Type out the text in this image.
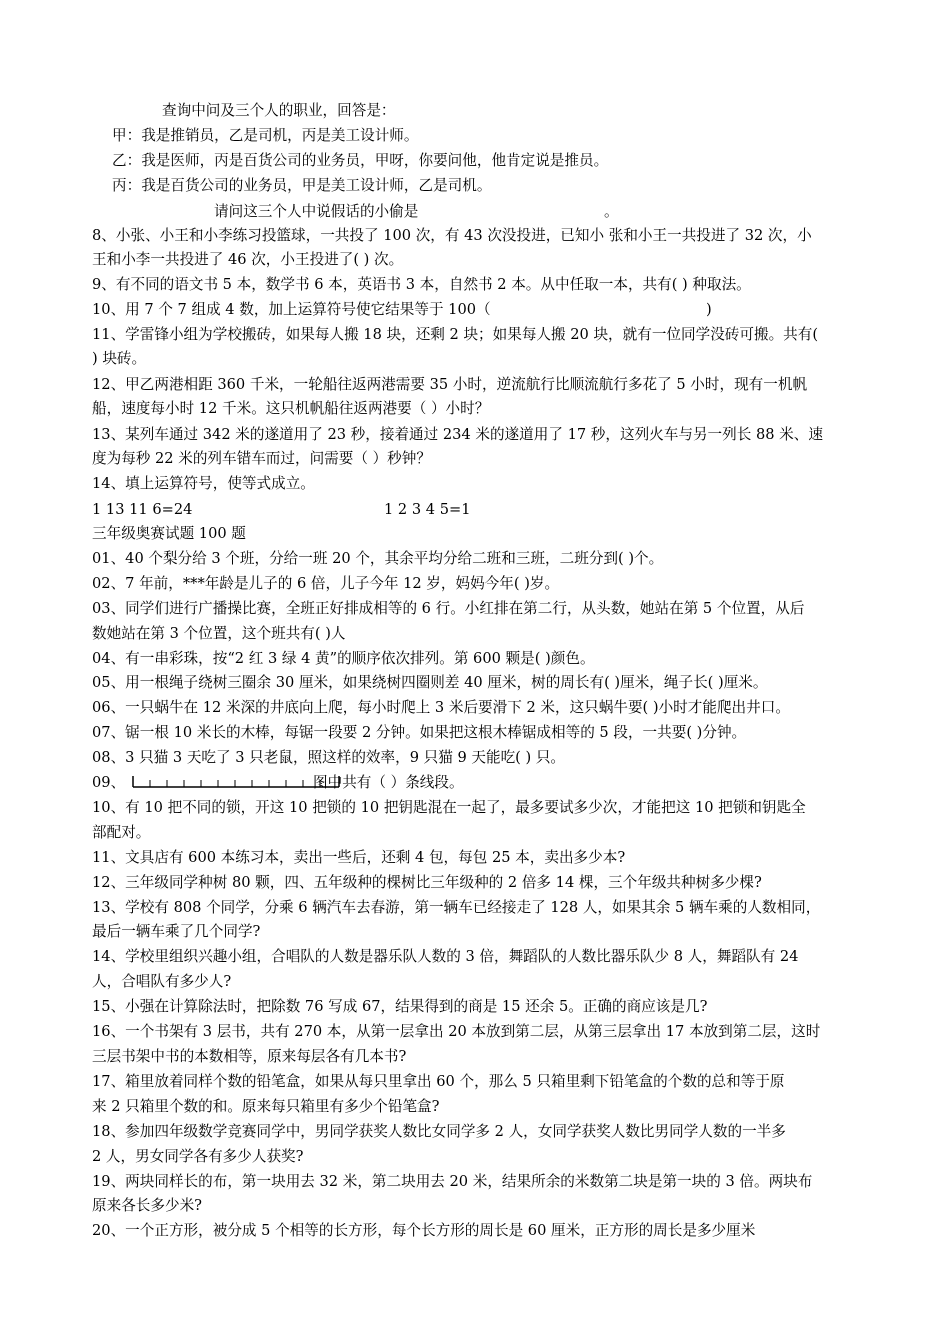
查询中问及三个人的职业，回答是：
甲：我是推销员，乙是司机，丙是美工设计师。
乙：我是医师，丙是百货公司的业务员，甲呀，你要问他，他肯定说是推员。
丙：我是百货公司的业务员，甲是美工设计师，乙是司机。
请问这三个人中说假话的小偷是	。
8、小张、小王和小李练习投篮球，一共投了 100 次，有 43 次没投进，已知小 张和小王一共投进了 32 次，小
王和小李一共投进了 46 次，小王投进了( ) 次。
9、有不同的语文书 5 本，数学书 6 本，英语书 3 本，自然书 2 本。从中任取一本，共有( ) 种取法。
10、用 7 个 7 组成 4 数，加上运算符号使它结果等于 100（	)
11、学雷锋小组为学校搬砖，如果每人搬 18 块，还剩 2 块；如果每人搬 20 块，就有一位同学没砖可搬。共有(
) 块砖。
12、甲乙两港相距 360 千米，一轮船往返两港需要 35 小时，逆流航行比顺流航行多花了 5 小时，现有一机帆
船，速度每小时 12 千米。这只机帆船往返两港要（ ）小时？
13、某列车通过 342 米的遂道用了 23 秒，接着通过 234 米的遂道用了 17 秒，这列火车与另一列长 88 米、速
度为每秒 22 米的列车错车而过，问需要（ ）秒钟？
14、填上运算符号，使等式成立。
1 13 11 6=24	1 2 3 4 5=1
三年级奥赛试题 100 题
01、40 个梨分给 3 个班，分给一班 20 个，其余平均分给二班和三班，二班分到( )个。
02、7 年前，***年龄是儿子的 6 倍，儿子今年 12 岁，妈妈今年( )岁。
03、同学们进行广播操比赛，全班正好排成相等的 6 行。小红排在第二行，从头数，她站在第 5 个位置，从后
数她站在第 3 个位置，这个班共有( )人
04、有一串彩珠，按“2 红 3 绿 4 黄”的顺序依次排列。第 600 颗是( )颜色。
05、用一根绳子绕树三圈余 30 厘米，如果绕树四圈则差 40 厘米，树的周长有( )厘米，绳子长( )厘米。
06、一只蜗牛在 12 米深的井底向上爬，每小时爬上 3 米后要滑下 2 米，这只蜗牛要( )小时才能爬出井口。
07、锯一根 10 米长的木棒，每锯一段要 2 分钟。如果把这根木棒锯成相等的 5 段，一共要( )分钟。
08、3 只猫 3 天吃了 3 只老鼠，照这样的效率，9 只猫 9 天能吃( ) 只。
09、	图中共有（ ）条线段。
10、有 10 把不同的锁，开这 10 把锁的 10 把钥匙混在一起了，最多要试多少次，才能把这 10 把锁和钥匙全
部配对。
11、文具店有 600 本练习本，卖出一些后，还剩 4 包，每包 25 本，卖出多少本?
12、三年级同学种树 80 颗，四、五年级种的棵树比三年级种的 2 倍多 14 棵，三个年级共种树多少棵?
13、学校有 808 个同学，分乘 6 辆汽车去春游，第一辆车已经接走了 128 人，如果其余 5 辆车乘的人数相同，
最后一辆车乘了几个同学?
14、学校里组织兴趣小组，合唱队的人数是器乐队人数的 3 倍，舞蹈队的人数比器乐队少 8 人，舞蹈队有 24
人，合唱队有多少人?
15、小强在计算除法时，把除数 76 写成 67，结果得到的商是 15 还余 5。正确的商应该是几?
16、一个书架有 3 层书，共有 270 本，从第一层拿出 20 本放到第二层，从第三层拿出 17 本放到第二层，这时
三层书架中书的本数相等，原来每层各有几本书?
17、箱里放着同样个数的铅笔盒，如果从每只里拿出 60 个，那么 5 只箱里剩下铅笔盒的个数的总和等于原
来 2 只箱里个数的和。原来每只箱里有多少个铅笔盒?
18、参加四年级数学竞赛同学中，男同学获奖人数比女同学多 2 人，女同学获奖人数比男同学人数的一半多
2 人，男女同学各有多少人获奖?
19、两块同样长的布，第一块用去 32 米，第二块用去 20 米，结果所余的米数第二块是第一块的 3 倍。两块布
原来各长多少米?
20、一个正方形，被分成 5 个相等的长方形，每个长方形的周长是 60 厘米，正方形的周长是多少厘米
